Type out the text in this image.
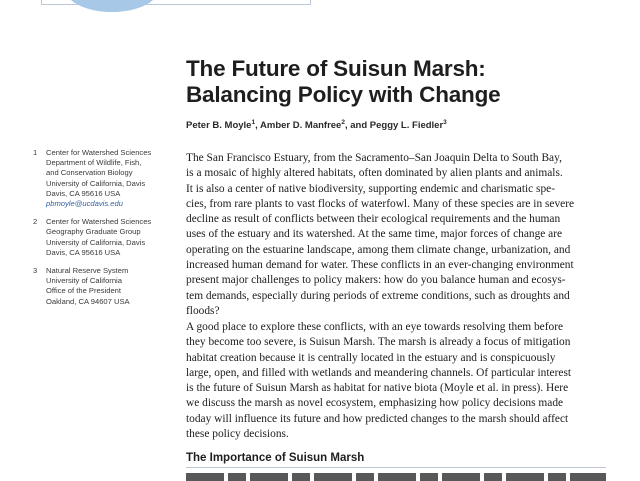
The Future of Suisun Marsh:
Balancing Policy with Change
Peter B. Moyle$^1$, Amber D. Manfree$^2$, and Peggy L. Fiedler$^3$
1 Center for Watershed Sciences
Department of Wildlife, Fish,
and Conservation Biology
University of California, Davis
Davis, CA 95616 USA
pbmoyle@ucdavis.edu
2 Center for Watershed Sciences
Geography Graduate Group
University of California, Davis
Davis, CA 95616 USA
3 Natural Reserve System
University of California
Office of the President
Oakland, CA 94607 USA

The San Francisco Estuary, from the Sacramento–San Joaquin Delta to South Bay,
is a mosaic of highly altered habitats, often dominated by alien plants and animals.
It is also a center of native biodiversity, supporting endemic and charismatic spe-
cies, from rare plants to vast flocks of waterfowl. Many of these species are in severe
decline as result of conflicts between their ecological requirements and the human
uses of the estuary and its watershed. At the same time, major forces of change are
operating on the estuarine landscape, among them climate change, urbanization, and
increased human demand for water. These conflicts in an ever-changing environment
present major challenges to policy makers: how do you balance human and ecosys-
tem demands, especially during periods of extreme conditions, such as droughts and
floods?

A good place to explore these conflicts, with an eye towards resolving them before
they become too severe, is Suisun Marsh. The marsh is already a focus of mitigation
habitat creation because it is centrally located in the estuary and is conspicuously
large, open, and filled with wetlands and meandering channels. Of particular interest
is the future of Suisun Marsh as habitat for native biota (Moyle et al. in press). Here
we discuss the marsh as novel ecosystem, emphasizing how policy decisions made
today will influence its future and how predicted changes to the marsh should affect
these policy decisions.

The Importance of Suisun Marsh
